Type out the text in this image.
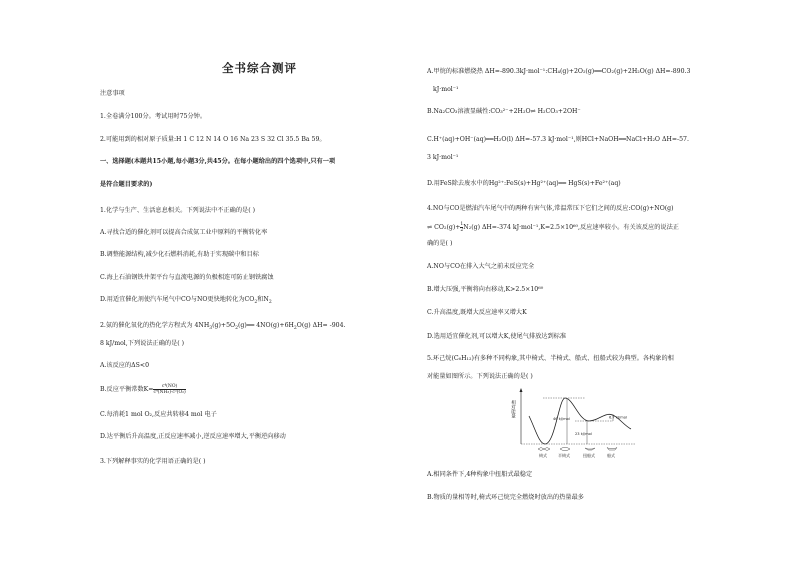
全书综合测评
注意事项
1.全卷满分100分。考试用时75分钟。
2.可能用到的相对原子质量:H 1 C 12 N 14 O 16 Na 23 S 32 Cl 35.5 Ba 59。
一、选择题(本题共15小题,每小题3分,共45分。在每小题给出的四个选项中,只有一项
是符合题目要求的)
1.化学与生产、生活息息相关。下列说法中不正确的是( )
A.寻找合适的催化剂可以提高合成氨工业中原料的平衡转化率
B.调整能源结构,减少化石燃料消耗,有助于实现碳中和目标
C.海上石油钢铁井架平台与直流电源的负极相连可防止钢铁腐蚀
D.用适宜催化剂使汽车尾气中CO与NO更快地转化为$CO_2$和$N_2$
2.氨的催化氧化的热化学方程式为 $4NH_3(g)+5O_2(g)══$ $4NO(g)+6H_2O(g)$ ΔH= -904.
8 kJ/mol,下列说法正确的是( )
A.该反应的ΔS<0
B.反应平衡常数$K= \frac{\text{c⁴(NO)}}{\text{c⁴(NH₃)·c⁵(O₂)}}$
C.每消耗1 mol O₂,反应共转移4 mol 电子
D.达平衡后升高温度,正反应速率减小,逆反应速率增大,平衡逆向移动
3.下列解释事实的化学用语正确的是( )
A.甲烷的标准燃烧热 ΔH=-890.3kJ·mol⁻¹:CH₄(g)+2O₂(g)══CO₂(g)+2H₂O(g) ΔH=-890.3
kJ·mol⁻¹
B.Na₂CO₃溶液显碱性:CO₃²⁻+2H₂O⇌ H₂CO₃+2OH⁻
C.H⁺(aq)+OH⁻(aq)══H₂O(l) ΔH=-57.3 kJ·mol⁻¹,则HCl+NaOH══NaCl+H₂O ΔH=-57.
3 kJ·mol⁻¹
D.用FeS除去废水中的Hg²⁺:FeS(s)+Hg²⁺(aq)══ HgS(s)+Fe²⁺(aq)
4.NO与CO是燃油汽车尾气中的两种有害气体,常温常压下它们之间的反应:CO(g)+NO(g)
⇌ $CO_2(g)+ \frac{1}{2} N_2(g)$ ΔH=-374 kJ·mol⁻¹,K=2.5×10⁶⁰,反应速率较小。有关该反应的说法正
确的是( )
A.NO与CO在排入大气之前未反应完全
B.增大压强,平衡将向右移动,K>2.5×10⁶⁰
C.升高温度,既增大反应速率又增大K
D.选用适宜催化剂,可以增大K,使尾气排放达到标准
5.环己烷(C₆H₁₂)有多种不同构象,其中椅式、半椅式、船式、扭船式较为典型。各构象的相
对能量如图所示。下列说法正确的是( )
A.相同条件下,4种构象中扭船式最稳定
B.物质的量相等时,椅式环己烷完全燃烧时放出的热量最多
相对能量
46 kJ/mol
23 kJ/mol
6.7 kJ/mol
椅式	半椅式	扭船式	船式
